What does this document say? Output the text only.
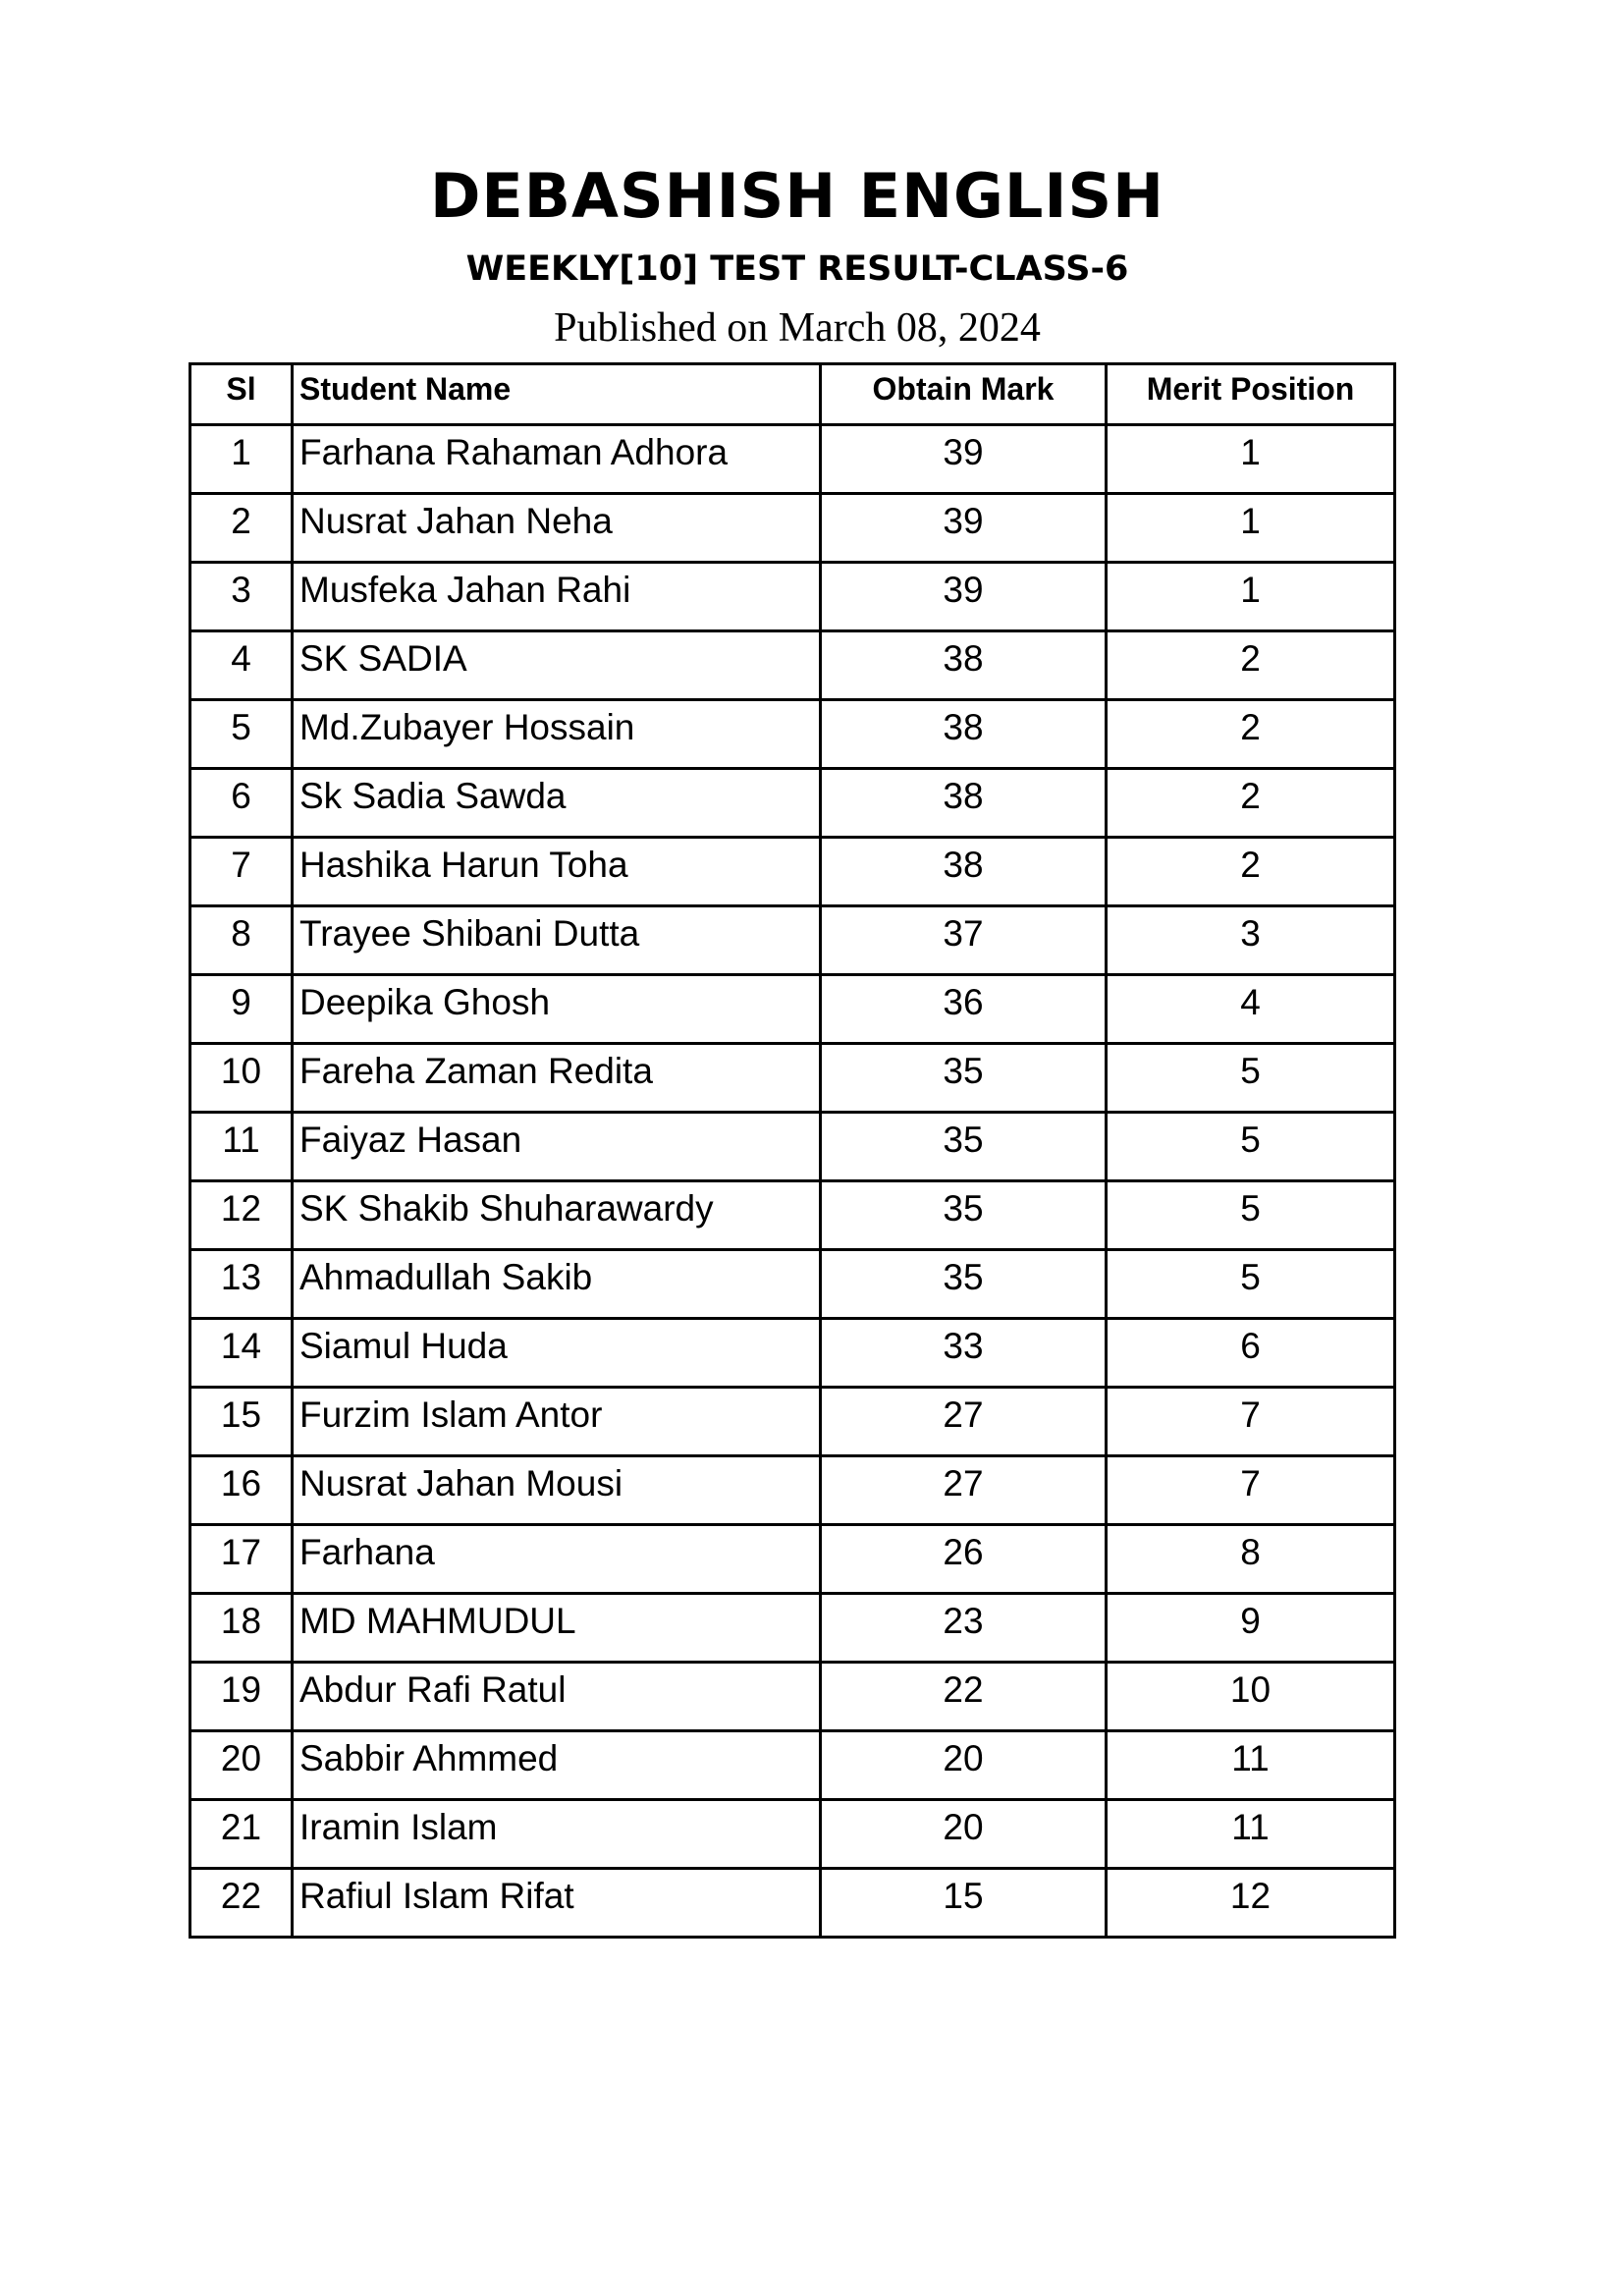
DEBASHISH ENGLISH
WEEKLY[10] TEST RESULT-CLASS-6
Published on March 08, 2024
Sl	Student Name	Obtain Mark	Merit Position
1	Farhana Rahaman Adhora	39	1
2	Nusrat Jahan Neha	39	1
3	Musfeka Jahan Rahi	39	1
4	SK SADIA	38	2
5	Md.Zubayer Hossain	38	2
6	Sk Sadia Sawda	38	2
7	Hashika Harun Toha	38	2
8	Trayee Shibani Dutta	37	3
9	Deepika Ghosh	36	4
10	Fareha Zaman Redita	35	5
11	Faiyaz Hasan	35	5
12	SK Shakib Shuharawardy	35	5
13	Ahmadullah Sakib	35	5
14	Siamul Huda	33	6
15	Furzim Islam Antor	27	7
16	Nusrat Jahan Mousi	27	7
17	Farhana	26	8
18	MD MAHMUDUL	23	9
19	Abdur Rafi Ratul	22	10
20	Sabbir Ahmmed	20	11
21	Iramin Islam	20	11
22	Rafiul Islam Rifat	15	12
